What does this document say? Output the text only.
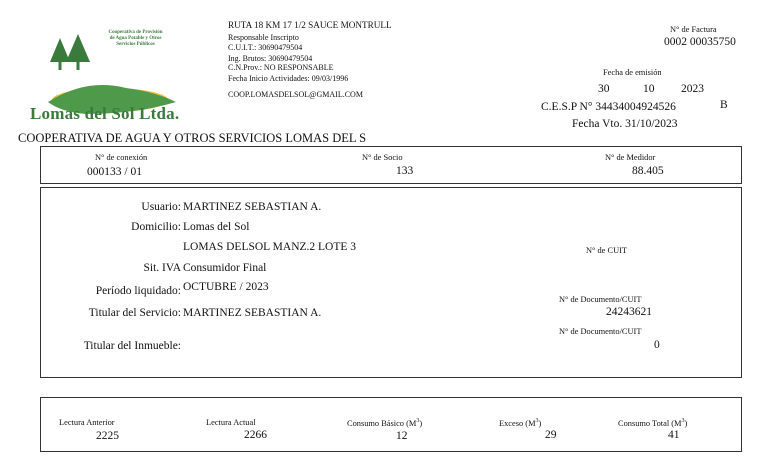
Cooperativa de Provisión
de Agua Potable y Otros
Servicios Públicos
Lomas del Sol Ltda.
RUTA 18 KM 17 1/2 SAUCE MONTRULL
Responsable Inscripto
C.U.I.T.: 30690479504
Ing. Brutos: 30690479504
C.N.Prov.: NO RESPONSABLE
Fecha Inicio Actividades: 09/03/1996
COOP.LOMASDELSOL@GMAIL.COM
N° de Factura
0002 00035750
Fecha de emisión
30	10 2023
C.E.S.P N° 34434004924526	B
Fecha Vto. 31/10/2023
COOPERATIVA DE AGUA Y OTROS SERVICIOS LOMAS DEL S
N° de conexión
000133 / 01
N° de Socio
133
N° de Medidor
88.405
Usuario: MARTINEZ SEBASTIAN A.
Domicilio: Lomas del Sol
LOMAS DELSOL MANZ.2 LOTE 3
Sit. IVA Consumidor Final
Período liquidado: OCTUBRE / 2023
Titular del Servicio: MARTINEZ SEBASTIAN A.
Titular del Inmueble:
N° de CUIT
N° de Documento/CUIT
24243621
N° de Documento/CUIT
0
Lectura Anterior
2225
Lectura Actual
2266
Consumo Básico $(M^3)$
12
Exceso $(M^3)$
29
Consumo Total $(M^3)$
41
